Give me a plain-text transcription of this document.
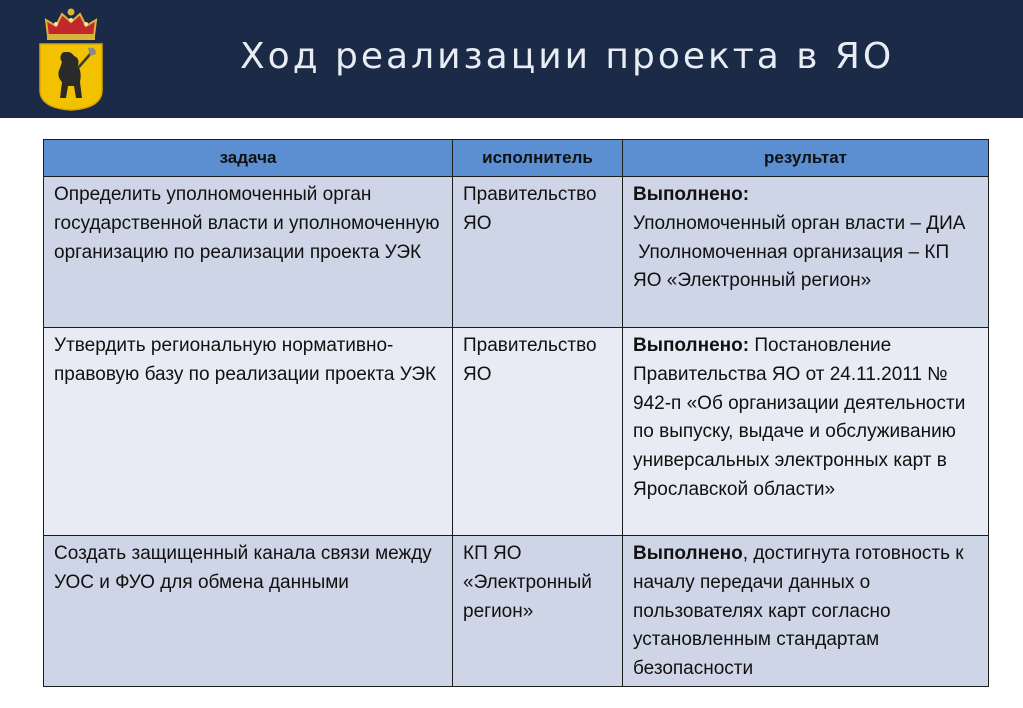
Ход реализации проекта в ЯО
задача	исполнитель	результат
Определить уполномоченный орган государственной власти и уполномоченную организацию по реализации проекта УЭК	Правительство ЯО	Выполнено:
Уполномоченный орган власти – ДИА
Уполномоченная организация – КП ЯО «Электронный регион»
Утвердить региональную нормативно-правовую базу по реализации проекта УЭК	Правительство ЯО	Выполнено: Постановление Правительства ЯО от 24.11.2011 № 942-п «Об организации деятельности по выпуску, выдаче и обслуживанию универсальных электронных карт в Ярославской области»
Создать защищенный канала связи между УОС и ФУО для обмена данными	КП ЯО «Электронный регион»	Выполнено, достигнута готовность к началу передачи данных о пользователях карт согласно установленным стандартам безопасности
